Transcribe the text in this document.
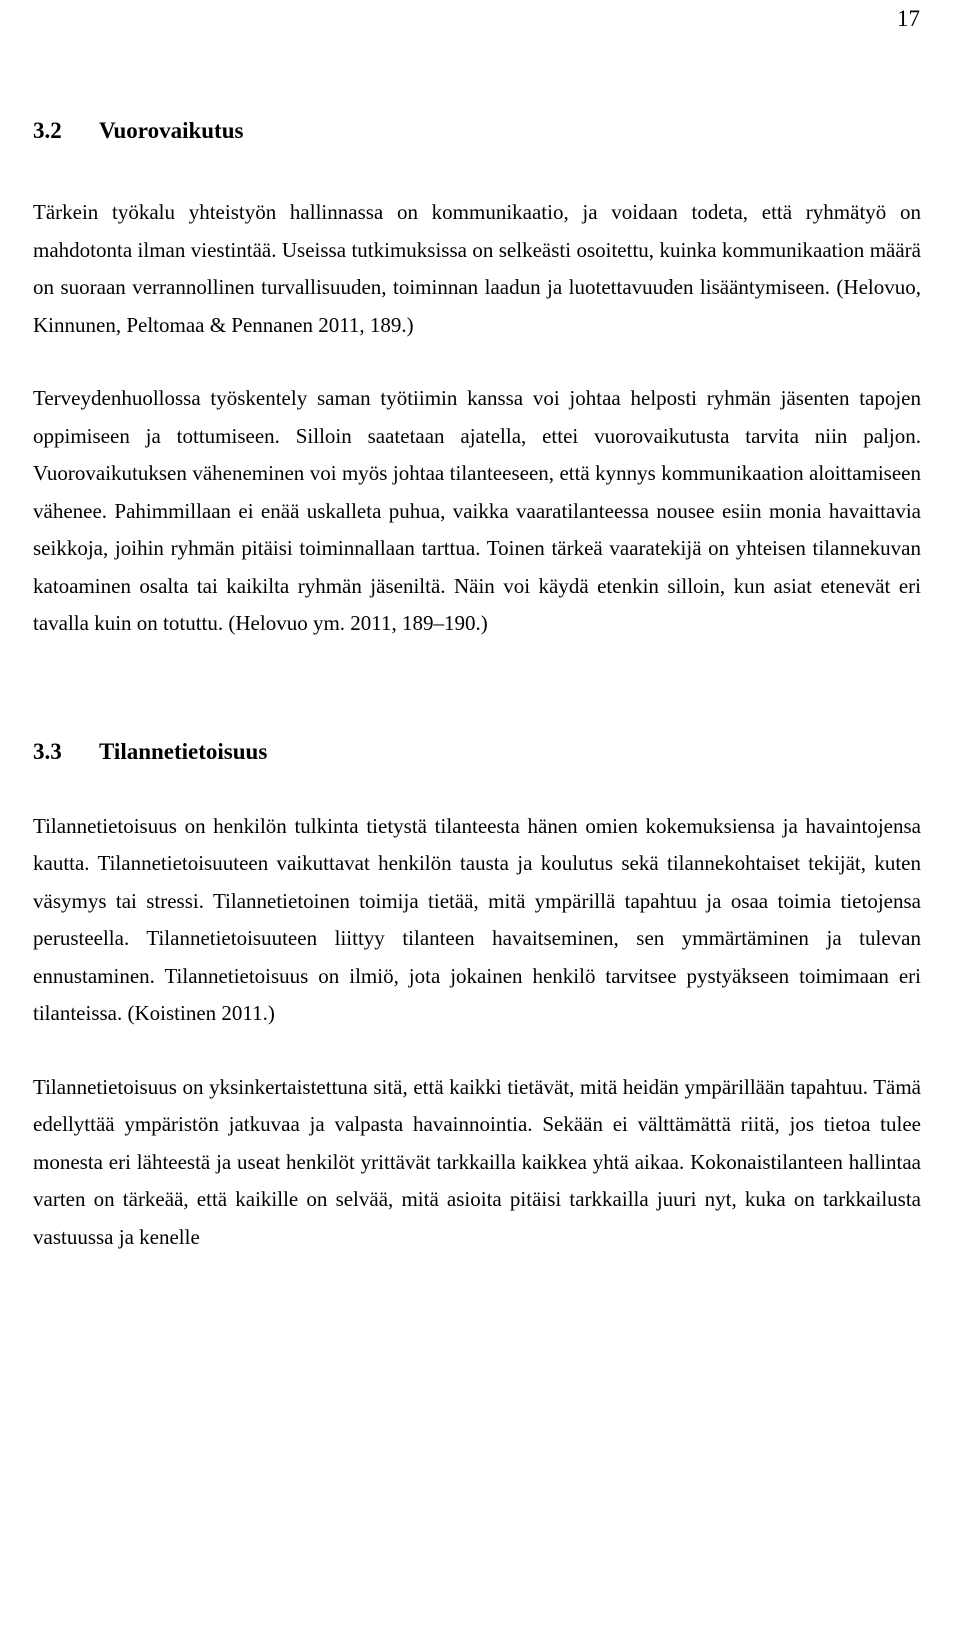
17
3.2	Vuorovaikutus

Tärkein työkalu yhteistyön hallinnassa on kommunikaatio, ja voidaan todeta, että ryhmätyö on mahdotonta ilman viestintää. Useissa tutkimuksissa on selkeästi osoitettu, kuinka kommunikaation määrä on suoraan verrannollinen turvallisuuden, toiminnan laadun ja luotettavuuden lisääntymiseen. (Helovuo, Kinnunen, Peltomaa & Pennanen 2011, 189.)

Terveydenhuollossa työskentely saman työtiimin kanssa voi johtaa helposti ryhmän jäsenten tapojen oppimiseen ja tottumiseen. Silloin saatetaan ajatella, ettei vuorovaikutusta tarvita niin paljon. Vuorovaikutuksen väheneminen voi myös johtaa tilanteeseen, että kynnys kommunikaation aloittamiseen vähenee. Pahimmillaan ei enää uskalleta puhua, vaikka vaaratilanteessa nousee esiin monia havaittavia seikkoja, joihin ryhmän pitäisi toiminnallaan tarttua. Toinen tärkeä vaaratekijä on yhteisen tilannekuvan katoaminen osalta tai kaikilta ryhmän jäseniltä. Näin voi käydä etenkin silloin, kun asiat etenevät eri tavalla kuin on totuttu. (Helovuo ym. 2011, 189–190.)

3.3	Tilannetietoisuus

Tilannetietoisuus on henkilön tulkinta tietystä tilanteesta hänen omien kokemuksiensa ja havaintojensa kautta. Tilannetietoisuuteen vaikuttavat henkilön tausta ja koulutus sekä tilannekohtaiset tekijät, kuten väsymys tai stressi. Tilannetietoinen toimija tietää, mitä ympärillä tapahtuu ja osaa toimia tietojensa perusteella. Tilannetietoisuuteen liittyy tilanteen havaitseminen, sen ymmärtäminen ja tulevan ennustaminen. Tilannetietoisuus on ilmiö, jota jokainen henkilö tarvitsee pystyäkseen toimimaan eri tilanteissa. (Koistinen 2011.)

Tilannetietoisuus on yksinkertaistettuna sitä, että kaikki tietävät, mitä heidän ympärillään tapahtuu. Tämä edellyttää ympäristön jatkuvaa ja valpasta havainnointia. Sekään ei välttämättä riitä, jos tietoa tulee monesta eri lähteestä ja useat henkilöt yrittävät tarkkailla kaikkea yhtä aikaa. Kokonaistilanteen hallintaa varten on tärkeää, että kaikille on selvää, mitä asioita pitäisi tarkkailla juuri nyt, kuka on tarkkailusta vastuussa ja kenelle
